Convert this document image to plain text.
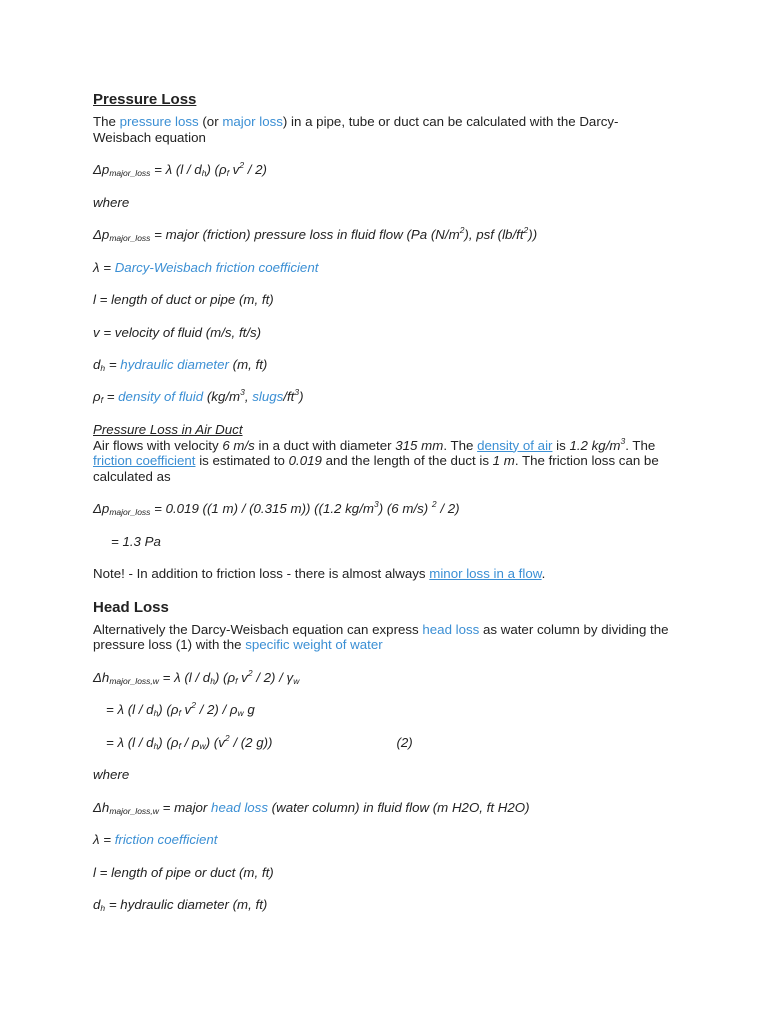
Pressure Loss

The pressure loss (or major loss) in a pipe, tube or duct can be calculated with the Darcy-Weisbach equation

$\Delta p_{major\_loss} = \lambda$ $(l / d_h)$ ($\rho_f$ $v^2 / 2$)

where

$\Delta p_{major\_loss}$ = major (friction) pressure loss in fluid flow (Pa $(N/m^2)$, psf $(lb/ft^2)$)

λ = Darcy-Weisbach friction coefficient

l = length of duct or pipe (m, ft)

v = velocity of fluid (m/s, ft/s)

$d_h$ = hydraulic diameter (m, ft)

$\rho_f$ = density of fluid ($kg/m^3$, slugs/$ft^3$)

Pressure Loss in Air Duct

Air flows with velocity 6 m/s in a duct with diameter 315 mm. The density of air is 1.2 $kg/m^3$. The friction coefficient is estimated to 0.019 and the length of the duct is 1 m. The friction loss can be calculated as

$\Delta p_{major\_loss} = 0.019$ ((1 m) / (0.315 m)) ((1.2 $kg/m^3$) (6 m/s) $^2$ / 2)

= 1.3 Pa

Note! - In addition to friction loss - there is almost always minor loss in a flow.

Head Loss

Alternatively the Darcy-Weisbach equation can express head loss as water column by dividing the pressure loss (1) with the specific weight of water

$\Delta h_{major\_loss,w} = \lambda$ $(l / d_h)$ ($\rho_f$ $v^2 / 2) / \gamma_w$

= λ $(l / d_h)$ ($\rho_f$ $v^2 / 2) / \rho_w$ g

= λ $(l / d_h)$ $(\rho_f / \rho_w)$ ($v^2 / (2$ g))	(2)

where

$\Delta h_{major\_loss,w}$ = major head loss (water column) in fluid flow (m H2O, ft H2O)

λ = friction coefficient

l = length of pipe or duct (m, ft)

$d_h$ = hydraulic diameter (m, ft)
